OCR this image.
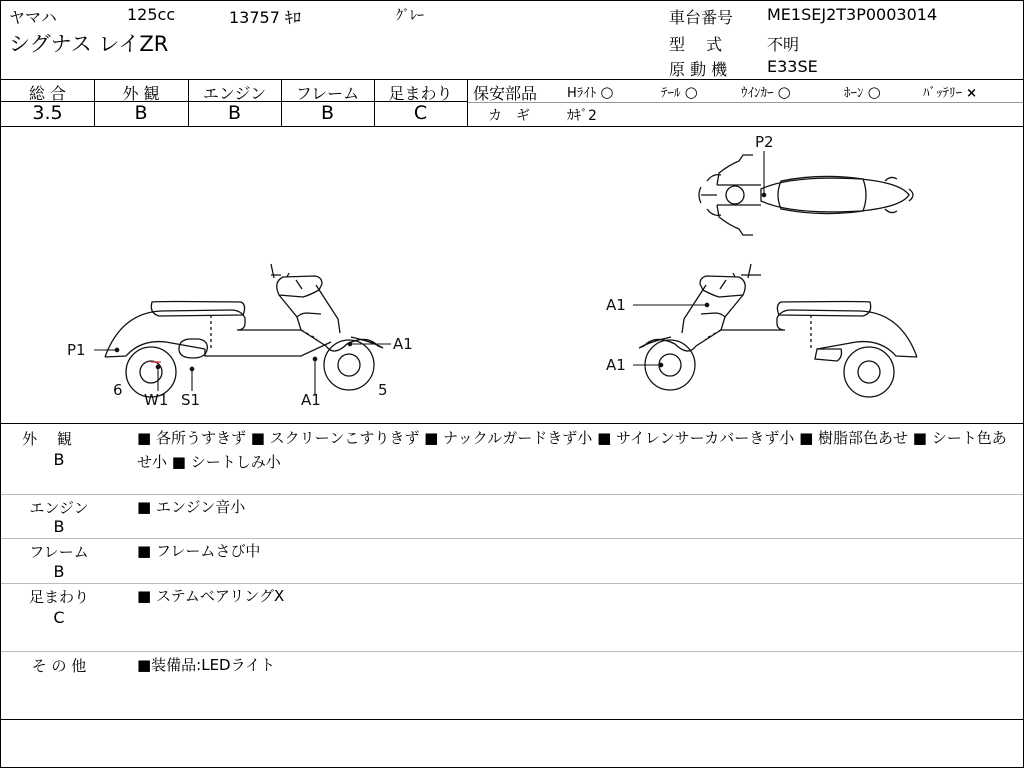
ヤマハ	125cc	13757 ｷﾛ	ｸﾞﾚｰ
シグナス レイZR
車台番号 ME1SEJ2T3P0003014
型　 式	不明
原 動 機 E33SE
総 合	外 観	エンジン	フレーム	足まわり
3.5	B	B	B	C
保安部品 Hﾗｲﾄ ○	ﾃｰﾙ ○	ｳｲﾝｶｰ ○	ﾎｰﾝ ○	ﾊﾞｯﾃﾘｰ ×
カ　ギ	ｶｷﾞ2
P2
P1
6
W1 S1
A1
A1
5
A1
A1
外　 観
B
■ 各所うすきず ■ スクリーンこすりきず ■ ナックルガードきず小 ■ サイレンサーカバーきず小 ■ 樹脂部色あせ ■ シート色あせ小 ■ シートしみ小
エンジン
B
■ エンジン音小
フレーム
B
■ フレームさび中
足まわり
C
■ ステムベアリングX
そ の 他	■装備品:LEDライト
